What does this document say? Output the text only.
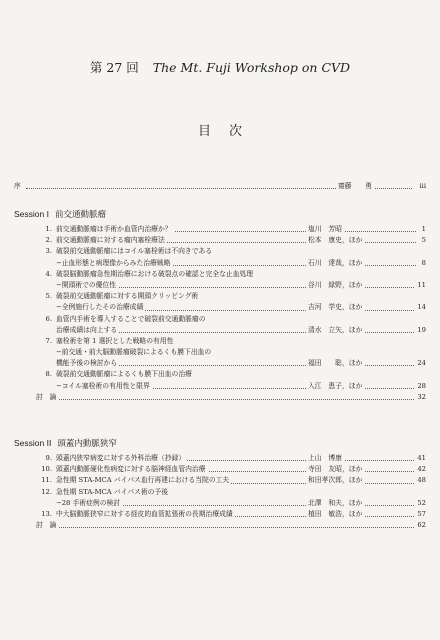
第 27 回 The Mt. Fuji Workshop on CVD
目次
序	齋藤　　勇	iii
Session I 前交通動脈瘤
1. 前交通動脈瘤は手術か血管内治療か？	塩川　芳昭	1
2. 前交通動脈瘤に対する瘤内塞栓療法	松本　康史，ほか	5
3. 破裂前交通動脈瘤にはコイル塞栓術は不向きである
−止血形態と病理像からみた治療戦略	石川　達哉，ほか	8
4. 破裂脳動脈瘤急性期治療における破裂点の確認と完全な止血処理
−開頭術での優位性	谷川　緑野，ほか	11
5. 破裂前交通動脈瘤に対する開頭クリッピング術
−全例施行したその治療成績	吉河　学史，ほか	14
6. 血管内手術を導入することで破裂前交通動脈瘤の
治療成績は向上する	清水　立矢，ほか	19
7. 塞栓術を第 1 選択とした戦略の有用性
−前交通・前大脳動脈瘤破裂によるくも膜下出血の
機能予後の検討から	福田　　聡，ほか	24
8. 破裂前交通動脈瘤によるくも膜下出血の治療
−コイル塞栓術の有用性と限界	入江　恵子，ほか	28
討　論	32
Session II 頭蓋内動脈狭窄
9. 頭蓋内狭窄病変に対する外科治療（抄録）	上山　博康	41
10. 頭蓋内動脈硬化性病変に対する脳神経血管内治療	寺田　友昭，ほか	42
11. 急性期 STA-MCA バイパス血行再建における当院の工夫	和田孝次郎，ほか	48
12. 急性期 STA-MCA バイパス術の予後
−28 手術症例の検討	北澤　和夫，ほか	52
13. 中大脳動脈狭窄に対する経皮的血管拡張術の長期治療成績	植田　敏浩，ほか	57
討　論	62
